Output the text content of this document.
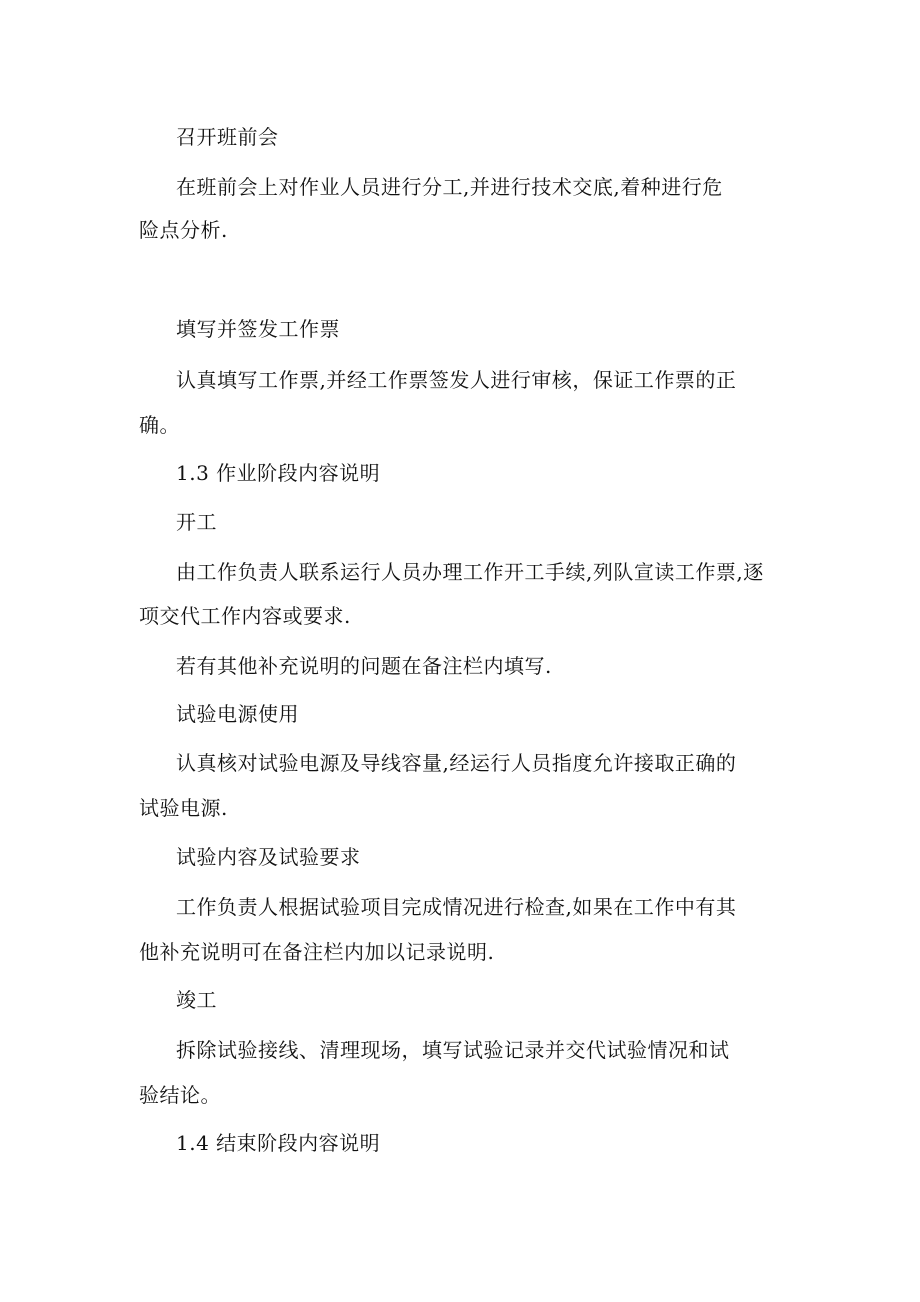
召开班前会

在班前会上对作业人员进行分工,并进行技术交底,着种进行危

险点分析.

填写并签发工作票

认真填写工作票,并经工作票签发人进行审核，保证工作票的正

确。

1.3 作业阶段内容说明

开工

由工作负责人联系运行人员办理工作开工手续,列队宣读工作票,逐

项交代工作内容或要求.

若有其他补充说明的问题在备注栏内填写.

试验电源使用

认真核对试验电源及导线容量,经运行人员指度允许接取正确的

试验电源.

试验内容及试验要求

工作负责人根据试验项目完成情况进行检查,如果在工作中有其

他补充说明可在备注栏内加以记录说明.

竣工

拆除试验接线、清理现场，填写试验记录并交代试验情况和试

验结论。

1.4 结束阶段内容说明
